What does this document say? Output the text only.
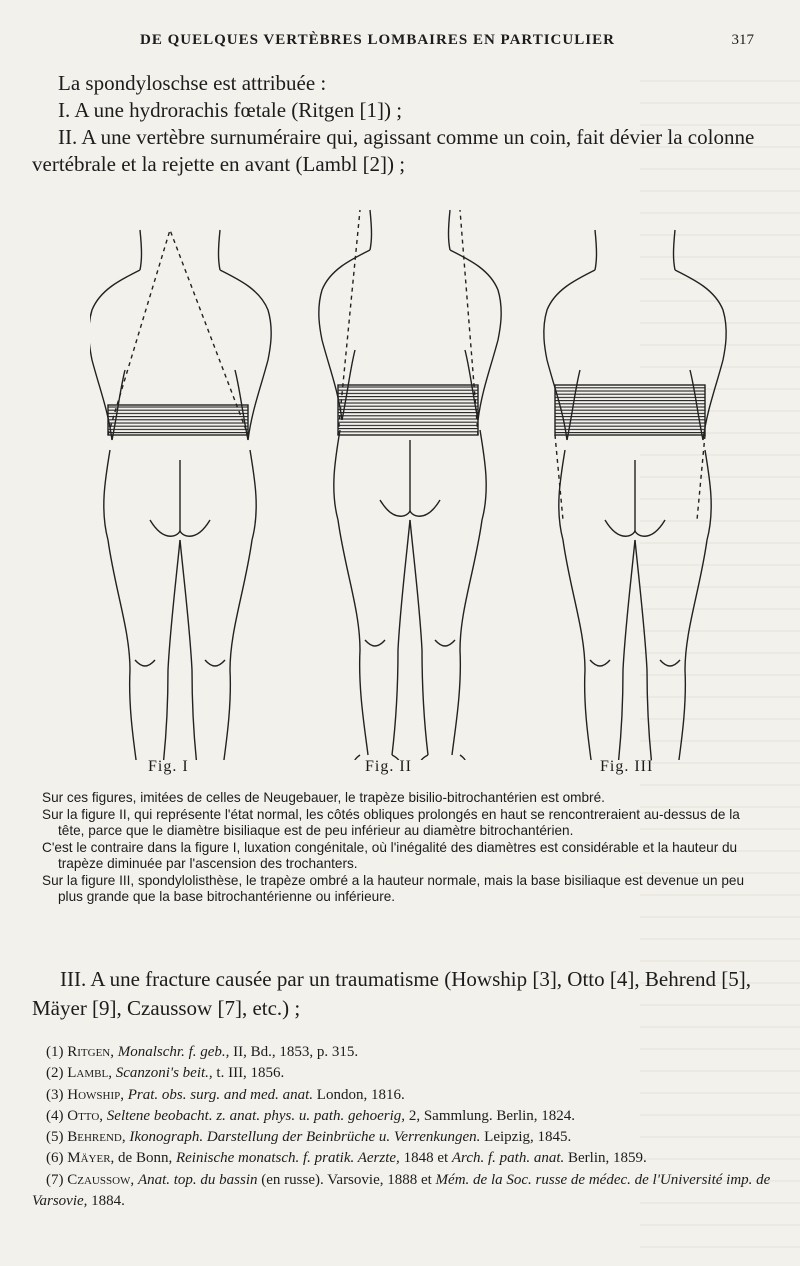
DE QUELQUES VERTÈBRES LOMBAIRES EN PARTICULIER	317

La spondyloschse est attribuée :

I. A une hydrorachis fœtale (Ritgen [1]) ;

II. A une vertèbre surnuméraire qui, agissant comme un coin, fait dévier la colonne vertébrale et la rejette en avant (Lambl [2]) ;

Fig. I	Fig. II	Fig. III

Sur ces figures, imitées de celles de Neugebauer, le trapèze bisilio-bitrochantérien est ombré.

Sur la figure II, qui représente l'état normal, les côtés obliques prolongés en haut se rencontreraient au-dessus de la tête, parce que le diamètre bisiliaque est de peu inférieur au diamètre bitrochantérien.

C'est le contraire dans la figure I, luxation congénitale, où l'inégalité des diamètres est considérable et la hauteur du trapèze diminuée par l'ascension des trochanters.

Sur la figure III, spondylolisthèse, le trapèze ombré a la hauteur normale, mais la base bisiliaque est devenue un peu plus grande que la base bitrochantérienne ou inférieure.

III. A une fracture causée par un traumatisme (Howship [3], Otto [4], Behrend [5], Mäyer [9], Czaussow [7], etc.) ;

(1) Ritgen, Monalschr. f. geb., II, Bd., 1853, p. 315.

(2) Lambl, Scanzoni's beit., t. III, 1856.

(3) Howship, Prat. obs. surg. and med. anat. London, 1816.

(4) Otto, Seltene beobacht. z. anat. phys. u. path. gehoerig, 2, Sammlung. Berlin, 1824.

(5) Behrend, Ikonograph. Darstellung der Beinbrüche u. Verrenkungen. Leipzig, 1845.

(6) Mäyer, de Bonn, Reinische monatsch. f. pratik. Aerzte, 1848 et Arch. f. path. anat. Berlin, 1859.

(7) Czaussow, Anat. top. du bassin (en russe). Varsovie, 1888 et Mém. de la Soc. russe de médec. de l'Université imp. de Varsovie, 1884.
